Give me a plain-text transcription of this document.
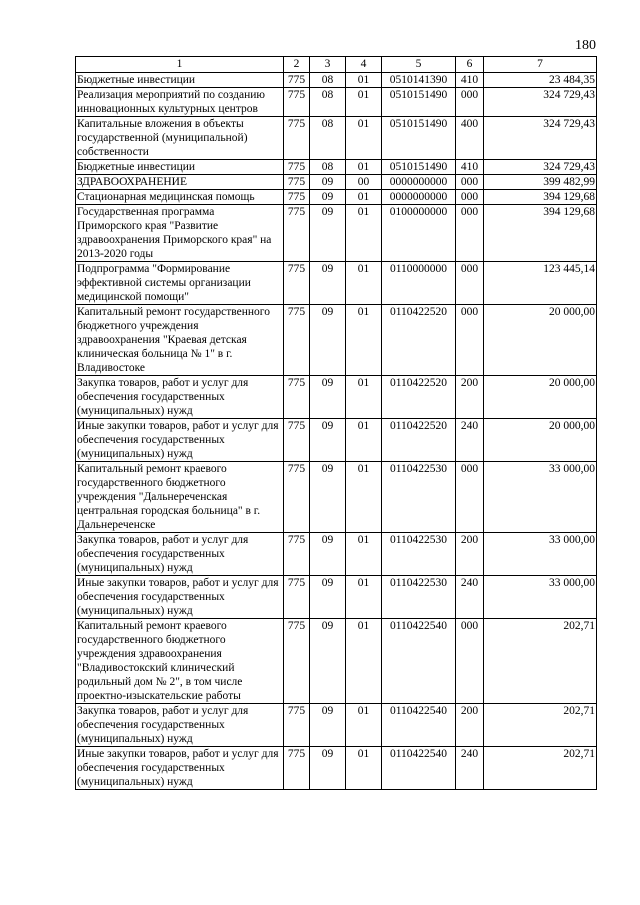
180
1	2	3	4	5	6	7
Бюджетные инвестиции	775	08	01	0510141390	410	23 484,35
Реализация мероприятий по созданию инновационных культурных центров	775	08	01	0510151490	000	324 729,43
Капитальные вложения в объекты государственной (муниципальной) собственности	775	08	01	0510151490	400	324 729,43
Бюджетные инвестиции	775	08	01	0510151490	410	324 729,43
ЗДРАВООХРАНЕНИЕ	775	09	00	0000000000	000	399 482,99
Стационарная медицинская помощь	775	09	01	0000000000	000	394 129,68
Государственная программа Приморского края "Развитие здравоохранения Приморского края" на 2013-2020 годы	775	09	01	0100000000	000	394 129,68
Подпрограмма "Формирование эффективной системы организации медицинской помощи"	775	09	01	0110000000	000	123 445,14
Капитальный ремонт государственного бюджетного учреждения здравоохранения "Краевая детская клиническая больница № 1" в г. Владивостоке	775	09	01	0110422520	000	20 000,00
Закупка товаров, работ и услуг для обеспечения государственных (муниципальных) нужд	775	09	01	0110422520	200	20 000,00
Иные закупки товаров, работ и услуг для обеспечения государственных (муниципальных) нужд	775	09	01	0110422520	240	20 000,00
Капитальный ремонт краевого государственного бюджетного учреждения "Дальнереченская центральная городская больница" в г. Дальнереченске	775	09	01	0110422530	000	33 000,00
Закупка товаров, работ и услуг для обеспечения государственных (муниципальных) нужд	775	09	01	0110422530	200	33 000,00
Иные закупки товаров, работ и услуг для обеспечения государственных (муниципальных) нужд	775	09	01	0110422530	240	33 000,00
Капитальный ремонт краевого государственного бюджетного учреждения здравоохранения "Владивостокский клинический родильный дом № 2", в том числе проектно-изыскательские работы	775	09	01	0110422540	000	202,71
Закупка товаров, работ и услуг для обеспечения государственных (муниципальных) нужд	775	09	01	0110422540	200	202,71
Иные закупки товаров, работ и услуг для обеспечения государственных (муниципальных) нужд	775	09	01	0110422540	240	202,71
